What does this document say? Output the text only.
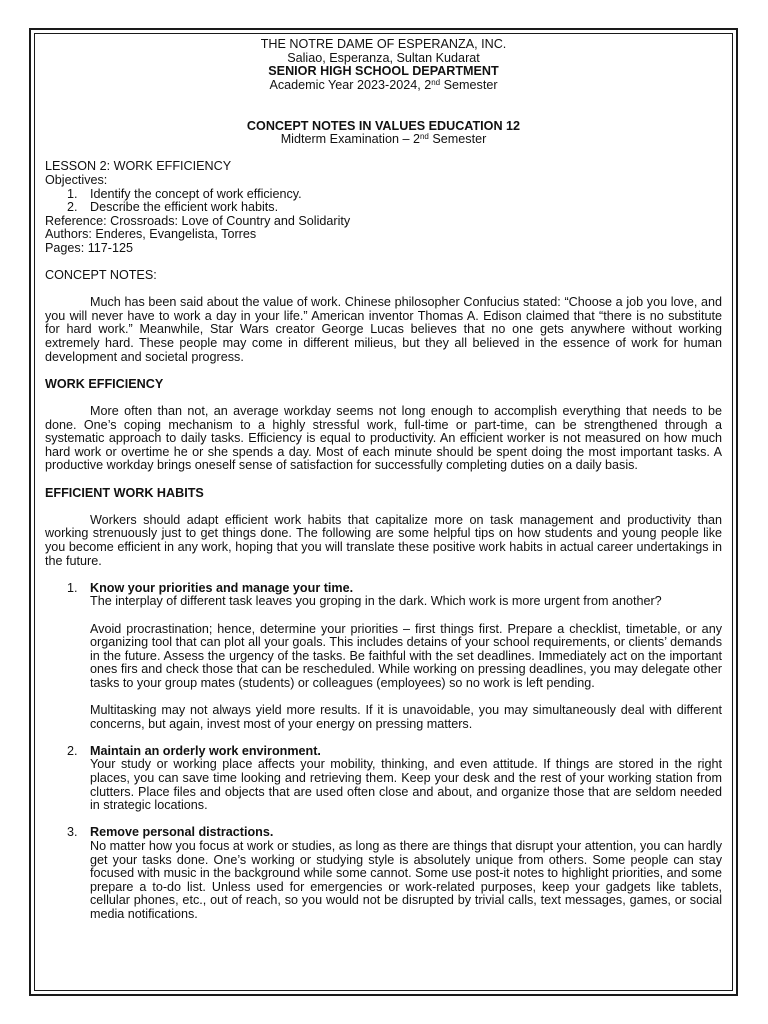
THE NOTRE DAME OF ESPERANZA, INC.

Saliao, Esperanza, Sultan Kudarat

SENIOR HIGH SCHOOL DEPARTMENT

Academic Year 2023-2024, 2nd Semester

CONCEPT NOTES IN VALUES EDUCATION 12

Midterm Examination – 2nd Semester

LESSON 2: WORK EFFICIENCY

Objectives:

1. Identify the concept of work efficiency.
2. Describe the efficient work habits.

Reference: Crossroads: Love of Country and Solidarity

Authors: Enderes, Evangelista, Torres

Pages: 117-125

CONCEPT NOTES:

Much has been said about the value of work. Chinese philosopher Confucius stated: “Choose a job you love, and you will never have to work a day in your life.” American inventor Thomas A. Edison claimed that “there is no substitute for hard work.” Meanwhile, Star Wars creator George Lucas believes that no one gets anywhere without working extremely hard. These people may come in different milieus, but they all believed in the essence of work for human development and societal progress.

WORK EFFICIENCY

More often than not, an average workday seems not long enough to accomplish everything that needs to be done. One’s coping mechanism to a highly stressful work, full-time or part-time, can be strengthened through a systematic approach to daily tasks. Efficiency is equal to productivity. An efficient worker is not measured on how much hard work or overtime he or she spends a day. Most of each minute should be spent doing the most important tasks. A productive workday brings oneself sense of satisfaction for successfully completing duties on a daily basis.

EFFICIENT WORK HABITS

Workers should adapt efficient work habits that capitalize more on task management and productivity than working strenuously just to get things done. The following are some helpful tips on how students and young people like you become efficient in any work, hoping that you will translate these positive work habits in actual career undertakings in the future.

1. Know your priorities and manage your time.

The interplay of different task leaves you groping in the dark. Which work is more urgent from another?

Avoid procrastination; hence, determine your priorities – first things first. Prepare a checklist, timetable, or any organizing tool that can plot all your goals. This includes detains of your school requirements, or clients’ demands in the future. Assess the urgency of the tasks. Be faithful with the set deadlines. Immediately act on the important ones firs and check those that can be rescheduled. While working on pressing deadlines, you may delegate other tasks to your group mates (students) or colleagues (employees) so no work is left pending.

Multitasking may not always yield more results. If it is unavoidable, you may simultaneously deal with different concerns, but again, invest most of your energy on pressing matters.

2. Maintain an orderly work environment.

Your study or working place affects your mobility, thinking, and even attitude. If things are stored in the right places, you can save time looking and retrieving them. Keep your desk and the rest of your working station from clutters. Place files and objects that are used often close and about, and organize those that are seldom needed in strategic locations.

3. Remove personal distractions.

No matter how you focus at work or studies, as long as there are things that disrupt your attention, you can hardly get your tasks done. One’s working or studying style is absolutely unique from others. Some people can stay focused with music in the background while some cannot. Some use post-it notes to highlight priorities, and some prepare a to-do list. Unless used for emergencies or work-related purposes, keep your gadgets like tablets, cellular phones, etc., out of reach, so you would not be disrupted by trivial calls, text messages, games, or social media notifications.
